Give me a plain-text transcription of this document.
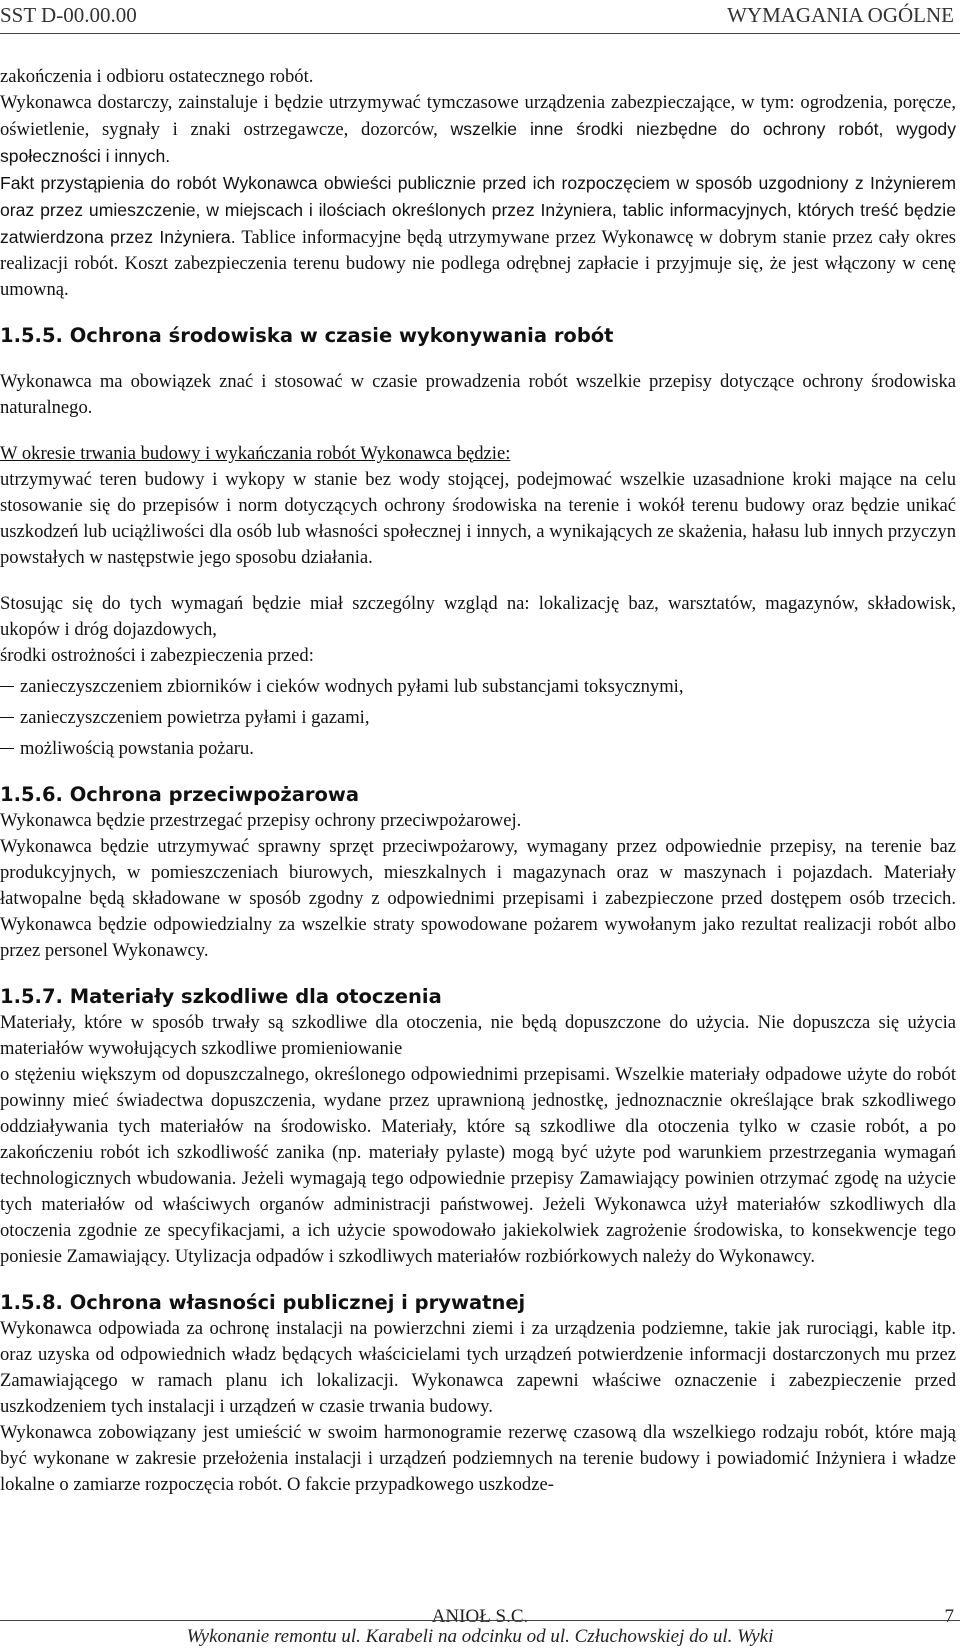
SST D-00.00.00	WYMAGANIA OGÓLNE

zakończenia i odbioru ostatecznego robót.

Wykonawca dostarczy, zainstaluje i będzie utrzymywać tymczasowe urządzenia zabezpieczające, w tym: ogrodzenia, poręcze, oświetlenie, sygnały i znaki ostrzegawcze, dozorców, wszelkie inne środki niezbędne do ochrony robót, wygody społeczności i innych.

Fakt przystąpienia do robót Wykonawca obwieści publicznie przed ich rozpoczęciem w sposób uzgodniony z Inżynierem oraz przez umieszczenie, w miejscach i ilościach określonych przez Inżyniera, tablic informacyjnych, których treść będzie zatwierdzona przez Inżyniera. Tablice informacyjne będą utrzymywane przez Wykonawcę w dobrym stanie przez cały okres realizacji robót. Koszt zabezpieczenia terenu budowy nie podlega odrębnej zapłacie i przyjmuje się, że jest włączony w cenę umowną.

1.5.5. Ochrona środowiska w czasie wykonywania robót

Wykonawca ma obowiązek znać i stosować w czasie prowadzenia robót wszelkie przepisy dotyczące ochrony środowiska naturalnego.

W okresie trwania budowy i wykańczania robót Wykonawca będzie:

utrzymywać teren budowy i wykopy w stanie bez wody stojącej, podejmować wszelkie uzasadnione kroki mające na celu stosowanie się do przepisów i norm dotyczących ochrony środowiska na terenie i wokół terenu budowy oraz będzie unikać uszkodzeń lub uciążliwości dla osób lub własności społecznej i innych, a wynikających ze skażenia, hałasu lub innych przyczyn powstałych w następstwie jego sposobu działania.

Stosując się do tych wymagań będzie miał szczególny wzgląd na: lokalizację baz, warsztatów, magazynów, składowisk, ukopów i dróg dojazdowych,

środki ostrożności i zabezpieczenia przed:

zanieczyszczeniem zbiorników i cieków wodnych pyłami lub substancjami toksycznymi,

zanieczyszczeniem powietrza pyłami i gazami,

możliwością powstania pożaru.

1.5.6. Ochrona przeciwpożarowa

Wykonawca będzie przestrzegać przepisy ochrony przeciwpożarowej.

Wykonawca będzie utrzymywać sprawny sprzęt przeciwpożarowy, wymagany przez odpowiednie przepisy, na terenie baz produkcyjnych, w pomieszczeniach biurowych, mieszkalnych i magazynach oraz w maszynach i pojazdach. Materiały łatwopalne będą składowane w sposób zgodny z odpowiednimi przepisami i zabezpieczone przed dostępem osób trzecich. Wykonawca będzie odpowiedzialny za wszelkie straty spowodowane pożarem wywołanym jako rezultat realizacji robót albo przez personel Wykonawcy.

1.5.7. Materiały szkodliwe dla otoczenia

Materiały, które w sposób trwały są szkodliwe dla otoczenia, nie będą dopuszczone do użycia. Nie dopuszcza się użycia materiałów wywołujących szkodliwe promieniowanie

o stężeniu większym od dopuszczalnego, określonego odpowiednimi przepisami. Wszelkie materiały odpadowe użyte do robót powinny mieć świadectwa dopuszczenia, wydane przez uprawnioną jednostkę, jednoznacznie określające brak szkodliwego oddziaływania tych materiałów na środowisko. Materiały, które są szkodliwe dla otoczenia tylko w czasie robót, a po zakończeniu robót ich szkodliwość zanika (np. materiały pylaste) mogą być użyte pod warunkiem przestrzegania wymagań technologicznych wbudowania. Jeżeli wymagają tego odpowiednie przepisy Zamawiający powinien otrzymać zgodę na użycie tych materiałów od właściwych organów administracji państwowej. Jeżeli Wykonawca użył materiałów szkodliwych dla otoczenia zgodnie ze specyfikacjami, a ich użycie spowodowało jakiekolwiek zagrożenie środowiska, to konsekwencje tego poniesie Zamawiający. Utylizacja odpadów i szkodliwych materiałów rozbiórkowych należy do Wykonawcy.

1.5.8. Ochrona własności publicznej i prywatnej

Wykonawca odpowiada za ochronę instalacji na powierzchni ziemi i za urządzenia podziemne, takie jak rurociągi, kable itp. oraz uzyska od odpowiednich władz będących właścicielami tych urządzeń potwierdzenie informacji dostarczonych mu przez Zamawiającego w ramach planu ich lokalizacji. Wykonawca zapewni właściwe oznaczenie i zabezpieczenie przed uszkodzeniem tych instalacji i urządzeń w czasie trwania budowy.

Wykonawca zobowiązany jest umieścić w swoim harmonogramie rezerwę czasową dla wszelkiego rodzaju robót, które mają być wykonane w zakresie przełożenia instalacji i urządzeń podziemnych na terenie budowy i powiadomić Inżyniera i władze lokalne o zamiarze rozpoczęcia robót. O fakcie przypadkowego uszkodze-

ANIOŁ S.C.	7
Wykonanie remontu ul. Karabeli na odcinku od ul. Człuchowskiej do ul. Wyki
